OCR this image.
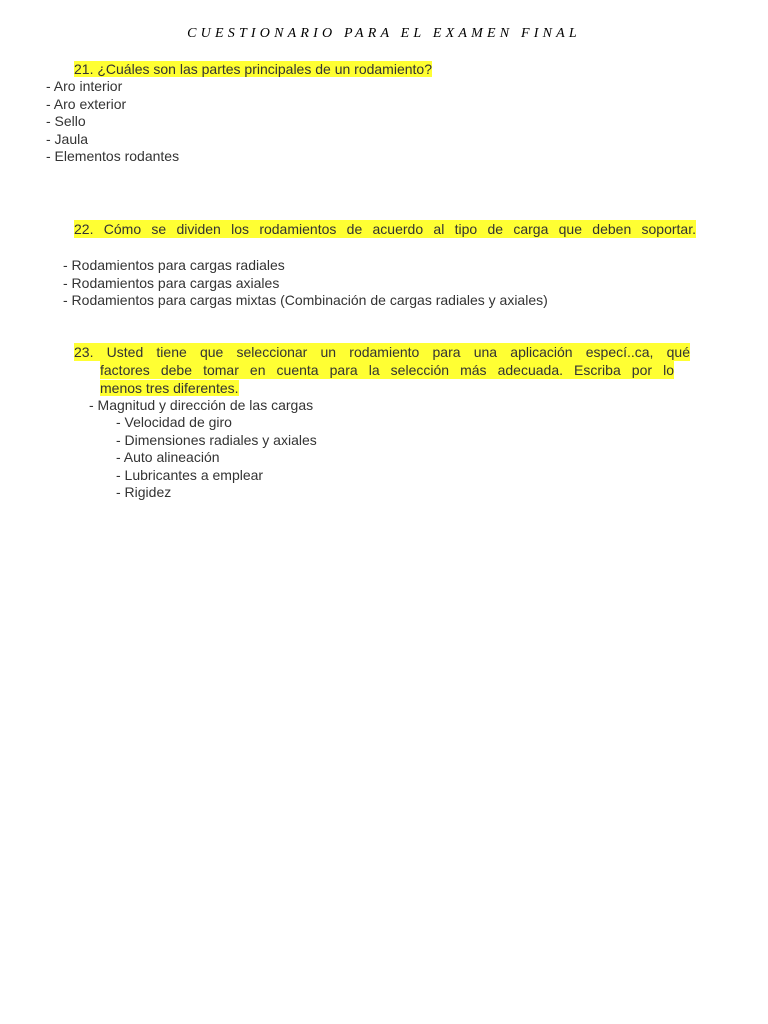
CUESTIONARIO PARA EL EXAMEN FINAL

21. ¿Cuáles son las partes principales de un rodamiento?

- Aro interior
- Aro exterior
- Sello
- Jaula
- Elementos rodantes

22. Cómo se dividen los rodamientos de acuerdo al tipo de carga que deben soportar.

- Rodamientos para cargas radiales
- Rodamientos para cargas axiales
- Rodamientos para cargas mixtas (Combinación de cargas radiales y axiales)
23. Usted tiene que seleccionar un rodamiento para una aplicación especí..ca, qué
factores debe tomar en cuenta para la selección más adecuada. Escriba por lo
menos tres diferentes.
- Magnitud y dirección de las cargas
- Velocidad de giro
- Dimensiones radiales y axiales
- Auto alineación
- Lubricantes a emplear
- Rigidez
